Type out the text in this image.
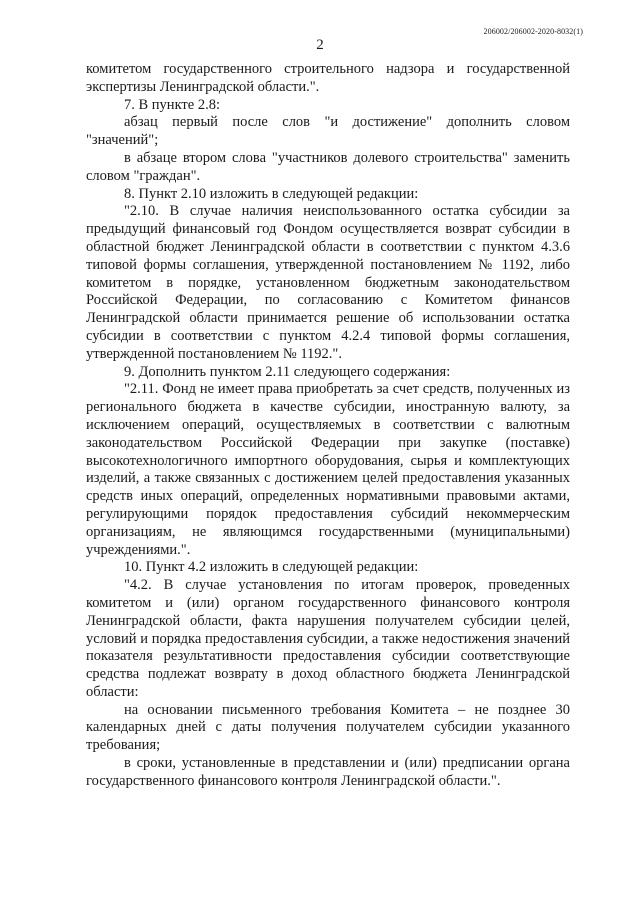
206002/206002-2020-8032(1)
2

комитетом государственного строительного надзора и государственной экспертизы Ленинградской области.".

7. В пункте 2.8:

абзац первый после слов "и достижение" дополнить словом "значений";

в абзаце втором слова "участников долевого строительства" заменить словом "граждан".

8. Пункт 2.10 изложить в следующей редакции:

"2.10. В случае наличия неиспользованного остатка субсидии за предыдущий финансовый год Фондом осуществляется возврат субсидии в областной бюджет Ленинградской области в соответствии с пунктом 4.3.6 типовой формы соглашения, утвержденной постановлением № 1192, либо комитетом в порядке, установленном бюджетным законодательством Российской Федерации, по согласованию с Комитетом финансов Ленинградской области принимается решение об использовании остатка субсидии в соответствии с пунктом 4.2.4 типовой формы соглашения, утвержденной постановлением № 1192.".

9. Дополнить пунктом 2.11 следующего содержания:

"2.11. Фонд не имеет права приобретать за счет средств, полученных из регионального бюджета в качестве субсидии, иностранную валюту, за исключением операций, осуществляемых в соответствии с валютным законодательством Российской Федерации при закупке (поставке) высокотехнологичного импортного оборудования, сырья и комплектующих изделий, а также связанных с достижением целей предоставления указанных средств иных операций, определенных нормативными правовыми актами, регулирующими порядок предоставления субсидий некоммерческим организациям, не являющимся государственными (муниципальными) учреждениями.".

10. Пункт 4.2 изложить в следующей редакции:

"4.2. В случае установления по итогам проверок, проведенных комитетом и (или) органом государственного финансового контроля Ленинградской области, факта нарушения получателем субсидии целей, условий и порядка предоставления субсидии, а также недостижения значений показателя результативности предоставления субсидии соответствующие средства подлежат возврату в доход областного бюджета Ленинградской области:

на основании письменного требования Комитета – не позднее 30 календарных дней с даты получения получателем субсидии указанного требования;

в сроки, установленные в представлении и (или) предписании органа государственного финансового контроля Ленинградской области.".
